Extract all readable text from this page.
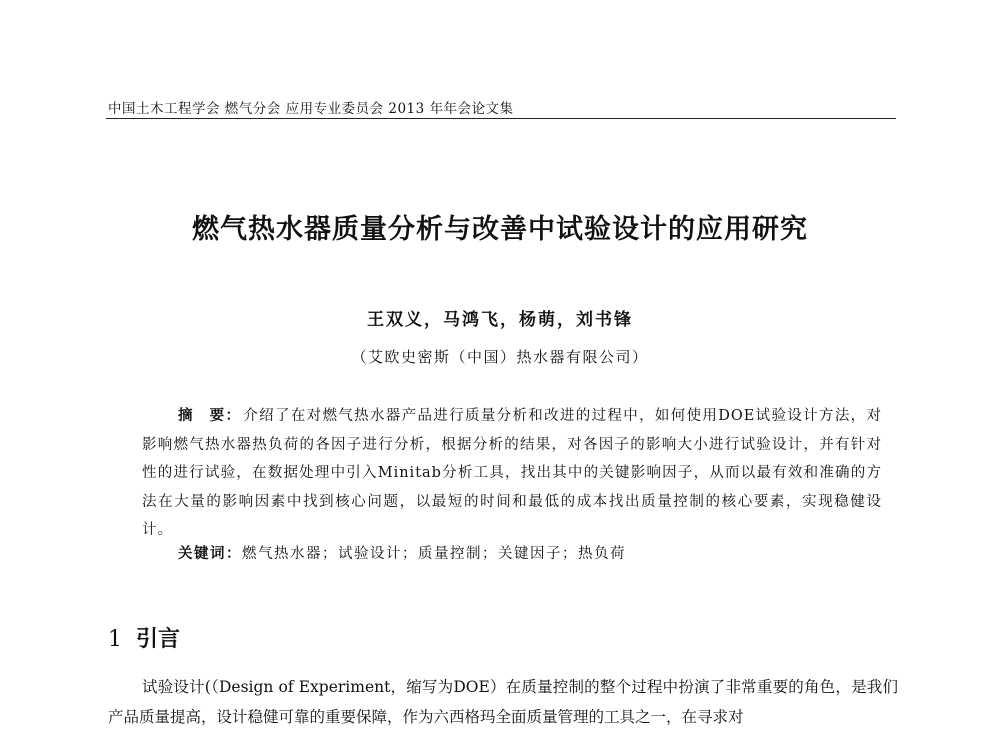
中国土木工程学会 燃气分会 应用专业委员会 2013 年年会论文集
燃气热水器质量分析与改善中试验设计的应用研究
王双义，马鸿飞，杨萌，刘书锋
（艾欧史密斯（中国）热水器有限公司）
摘　要： 介绍了在对燃气热水器产品进行质量分析和改进的过程中，如何使用DOE试验设计方法，对影响燃气热水器热负荷的各因子进行分析，根据分析的结果，对各因子的影响大小进行试验设计，并有针对性的进行试验，在数据处理中引入Minitab分析工具，找出其中的关键影响因子，从而以最有效和准确的方法在大量的影响因素中找到核心问题，以最短的时间和最低的成本找出质量控制的核心要素，实现稳健设计。
关键词：燃气热水器；试验设计；质量控制；关键因子；热负荷
1 引言

试验设计(（Design of Experiment，缩写为DOE）在质量控制的整个过程中扮演了非常重要的角色，是我们产品质量提高，设计稳健可靠的重要保障，作为六西格玛全面质量管理的工具之一，在寻求对
